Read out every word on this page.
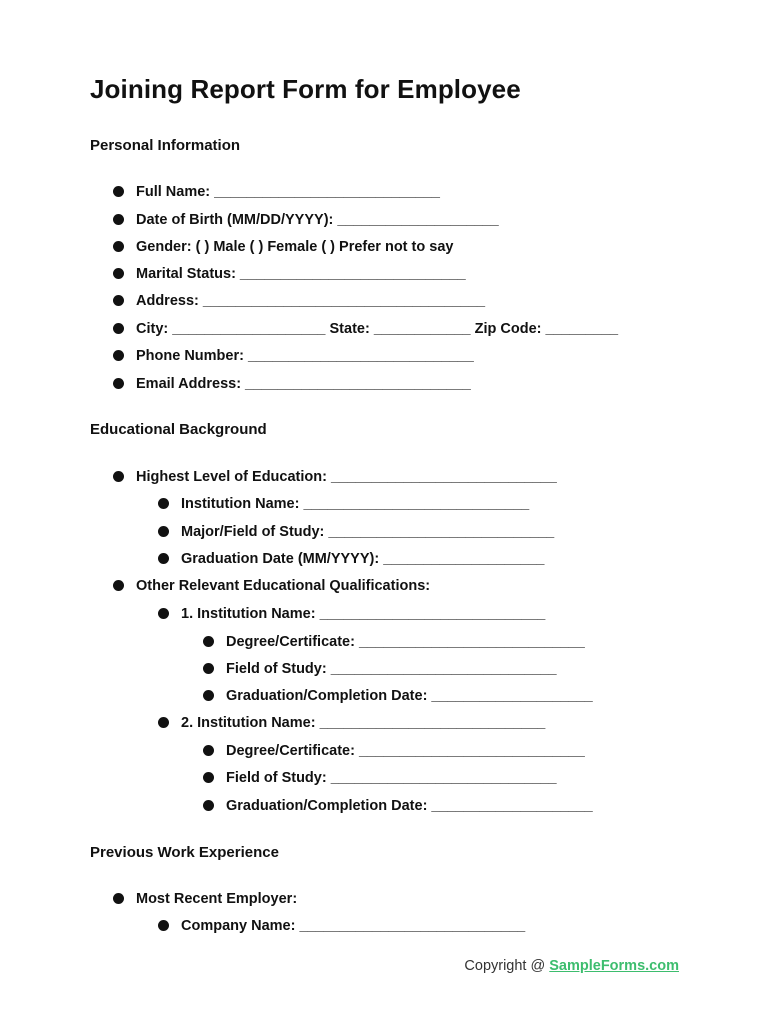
Joining Report Form for Employee
Personal Information
Full Name: ____________________________
Date of Birth (MM/DD/YYYY): ____________________
Gender: ( ) Male ( ) Female ( ) Prefer not to say
Marital Status: ____________________________
Address: ___________________________________
City: ___________________ State: ____________ Zip Code: _________
Phone Number: ____________________________
Email Address: ____________________________
Educational Background
Highest Level of Education: ____________________________
Institution Name: ____________________________
Major/Field of Study: ____________________________
Graduation Date (MM/YYYY): ____________________
Other Relevant Educational Qualifications:
1. Institution Name: ____________________________
Degree/Certificate: ____________________________
Field of Study: ____________________________
Graduation/Completion Date: ____________________
2. Institution Name: ____________________________
Degree/Certificate: ____________________________
Field of Study: ____________________________
Graduation/Completion Date: ____________________
Previous Work Experience
Most Recent Employer:
Company Name: ____________________________
Copyright @ SampleForms.com
